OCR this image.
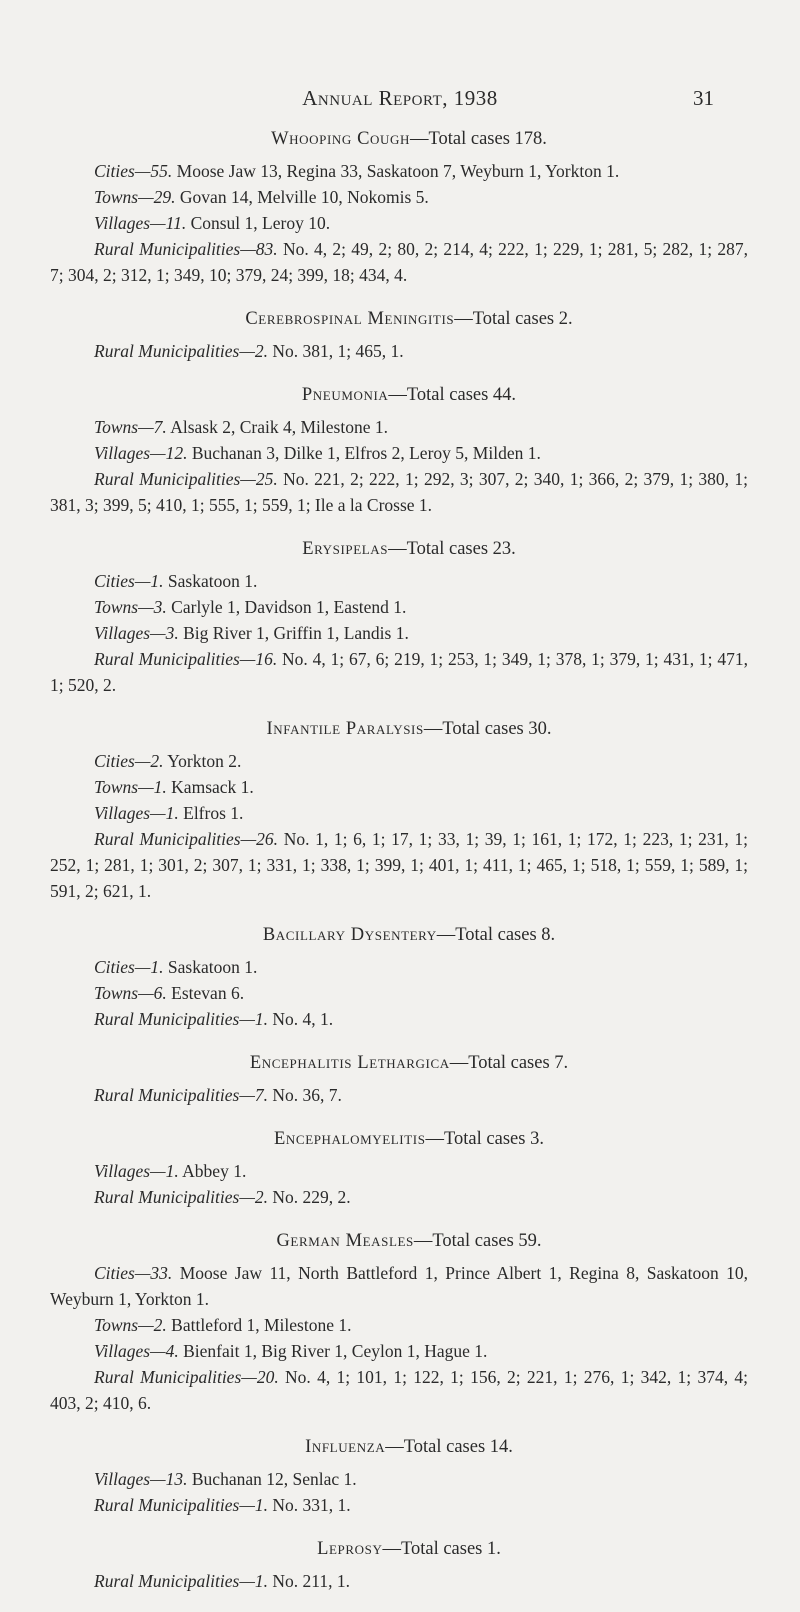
Annual Report, 1938	31
Whooping Cough—Total cases 178.

Cities—55. Moose Jaw 13, Regina 33, Saskatoon 7, Weyburn 1, Yorkton 1.

Towns—29. Govan 14, Melville 10, Nokomis 5.

Villages—11. Consul 1, Leroy 10.

Rural Municipalities—83. No. 4, 2; 49, 2; 80, 2; 214, 4; 222, 1; 229, 1; 281, 5; 282, 1; 287, 7; 304, 2; 312, 1; 349, 10; 379, 24; 399, 18; 434, 4.

Cerebrospinal Meningitis—Total cases 2.

Rural Municipalities—2. No. 381, 1; 465, 1.

Pneumonia—Total cases 44.

Towns—7. Alsask 2, Craik 4, Milestone 1.

Villages—12. Buchanan 3, Dilke 1, Elfros 2, Leroy 5, Milden 1.

Rural Municipalities—25. No. 221, 2; 222, 1; 292, 3; 307, 2; 340, 1; 366, 2; 379, 1; 380, 1; 381, 3; 399, 5; 410, 1; 555, 1; 559, 1; Ile a la Crosse 1.

Erysipelas—Total cases 23.

Cities—1. Saskatoon 1.

Towns—3. Carlyle 1, Davidson 1, Eastend 1.

Villages—3. Big River 1, Griffin 1, Landis 1.

Rural Municipalities—16. No. 4, 1; 67, 6; 219, 1; 253, 1; 349, 1; 378, 1; 379, 1; 431, 1; 471, 1; 520, 2.

Infantile Paralysis—Total cases 30.

Cities—2. Yorkton 2.

Towns—1. Kamsack 1.

Villages—1. Elfros 1.

Rural Municipalities—26. No. 1, 1; 6, 1; 17, 1; 33, 1; 39, 1; 161, 1; 172, 1; 223, 1; 231, 1; 252, 1; 281, 1; 301, 2; 307, 1; 331, 1; 338, 1; 399, 1; 401, 1; 411, 1; 465, 1; 518, 1; 559, 1; 589, 1; 591, 2; 621, 1.

Bacillary Dysentery—Total cases 8.

Cities—1. Saskatoon 1.

Towns—6. Estevan 6.

Rural Municipalities—1. No. 4, 1.

Encephalitis Lethargica—Total cases 7.

Rural Municipalities—7. No. 36, 7.

Encephalomyelitis—Total cases 3.

Villages—1. Abbey 1.

Rural Municipalities—2. No. 229, 2.

German Measles—Total cases 59.

Cities—33. Moose Jaw 11, North Battleford 1, Prince Albert 1, Regina 8, Saskatoon 10, Weyburn 1, Yorkton 1.

Towns—2. Battleford 1, Milestone 1.

Villages—4. Bienfait 1, Big River 1, Ceylon 1, Hague 1.

Rural Municipalities—20. No. 4, 1; 101, 1; 122, 1; 156, 2; 221, 1; 276, 1; 342, 1; 374, 4; 403, 2; 410, 6.

Influenza—Total cases 14.

Villages—13. Buchanan 12, Senlac 1.

Rural Municipalities—1. No. 331, 1.

Leprosy—Total cases 1.

Rural Municipalities—1. No. 211, 1.
